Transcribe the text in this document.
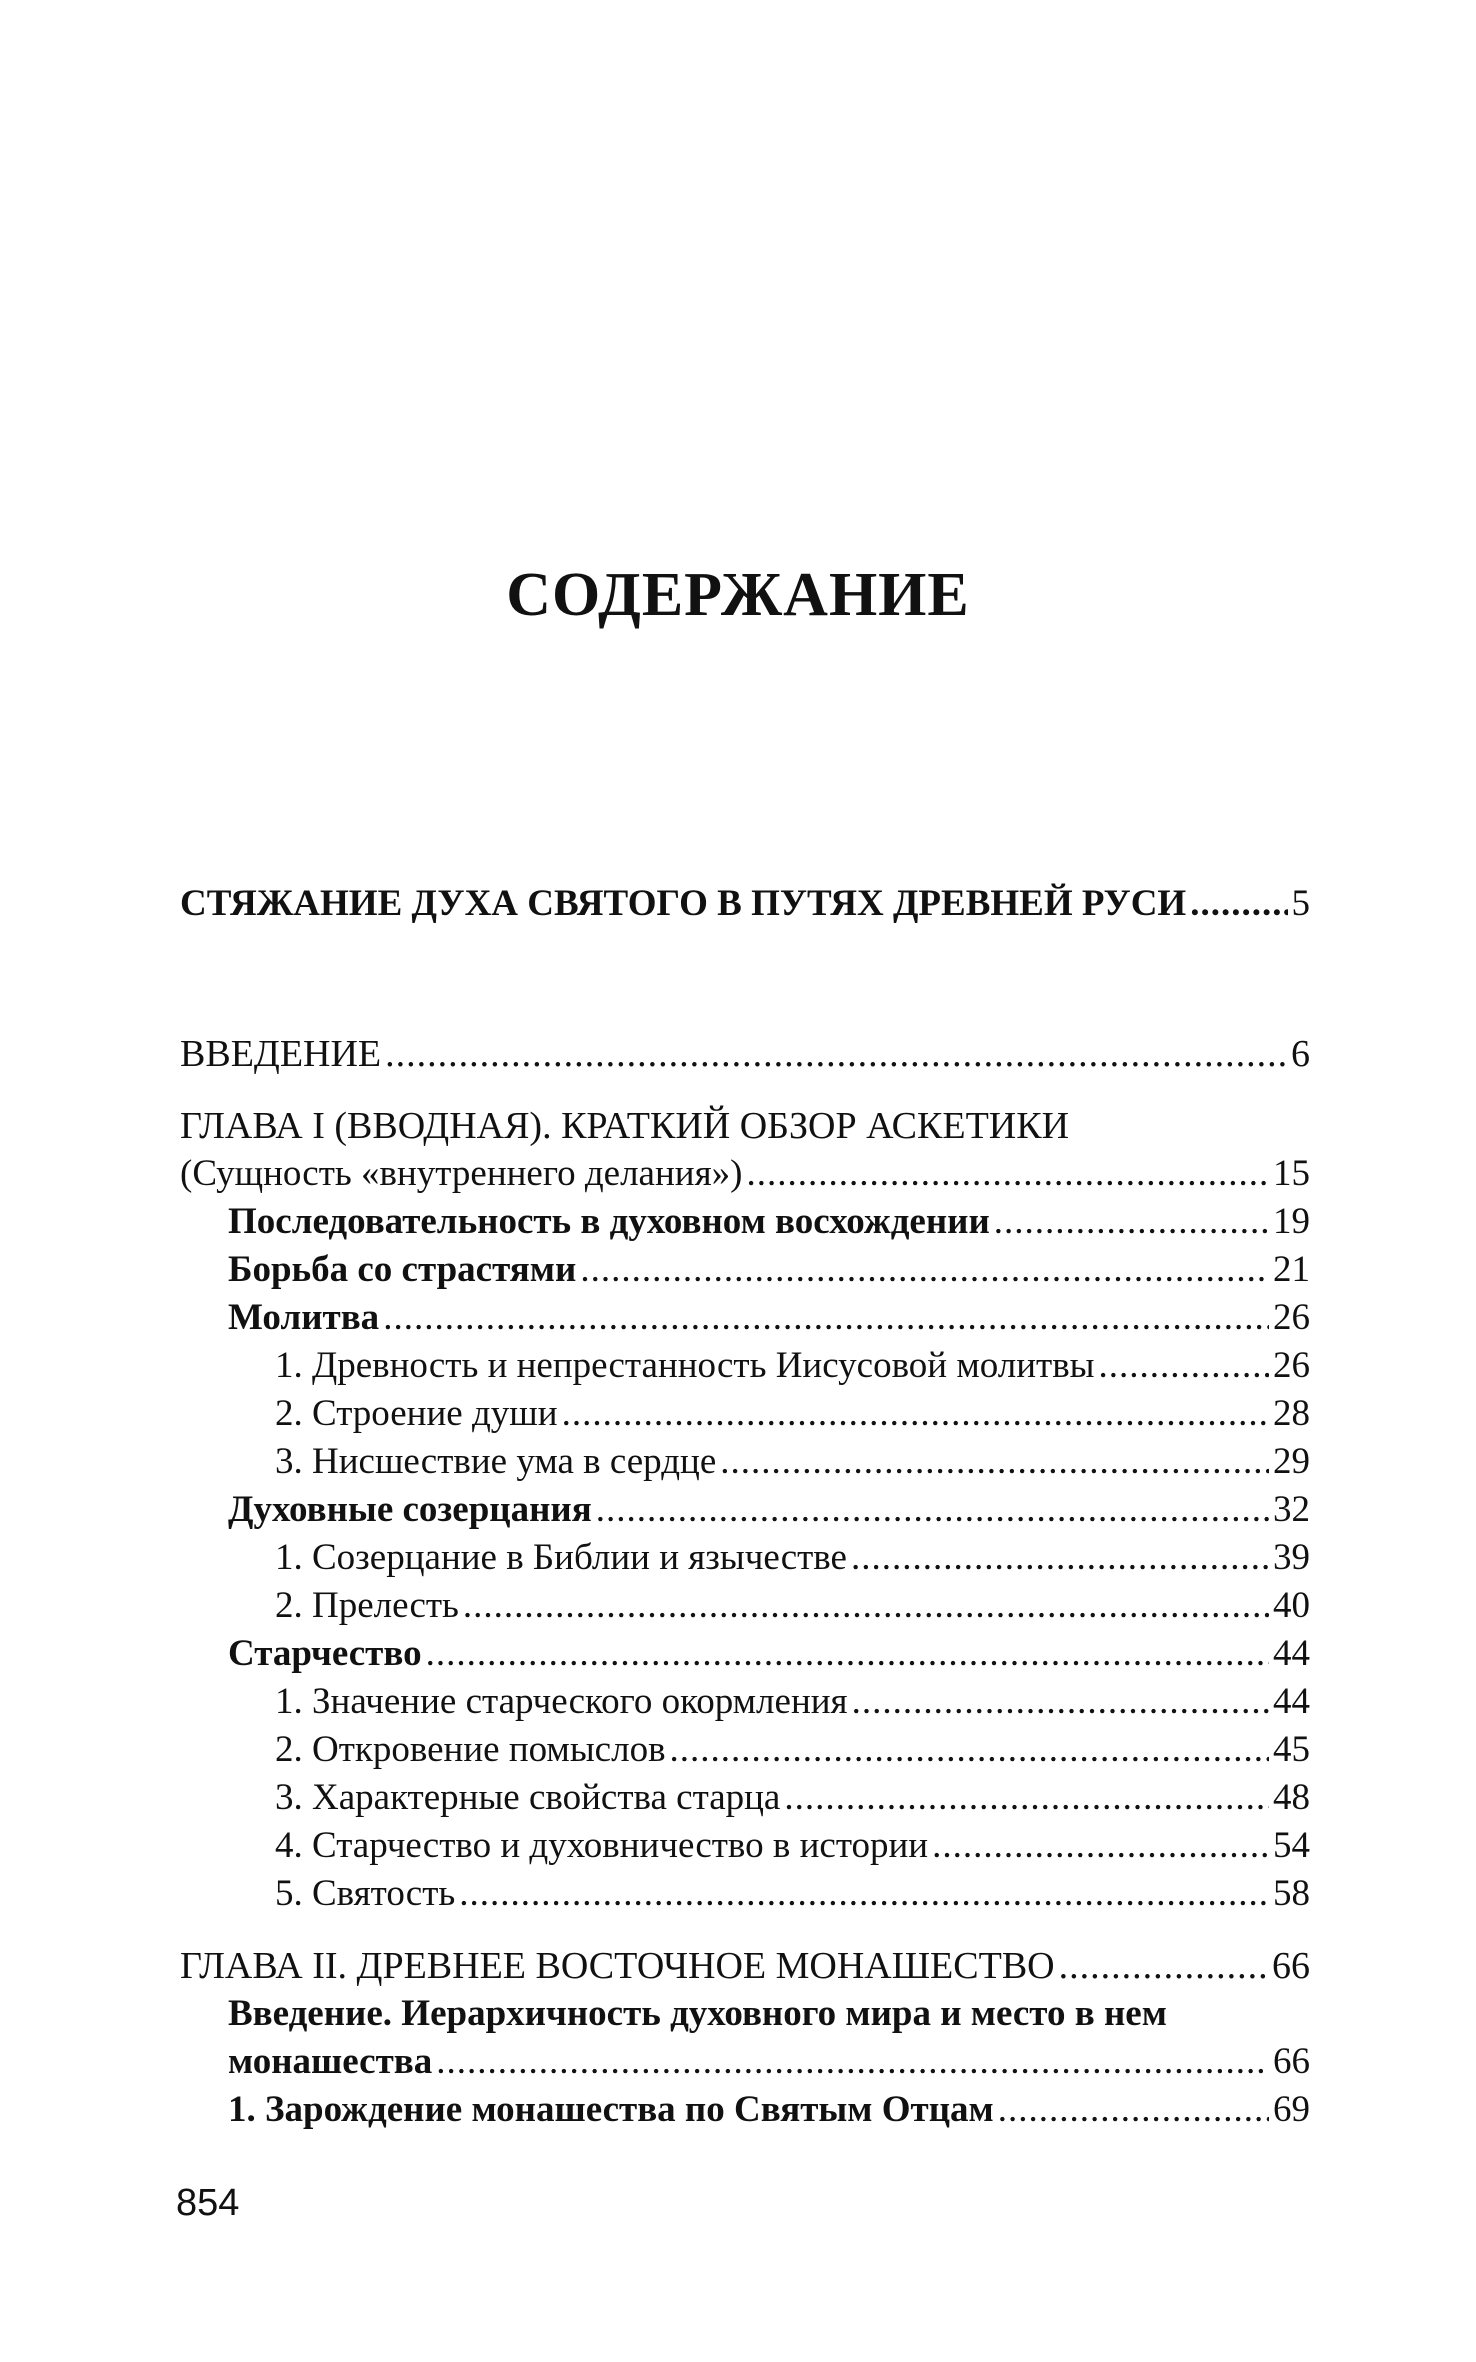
СОДЕРЖАНИЕ
СТЯЖАНИЕ ДУХА СВЯТОГО В ПУТЯХ ДРЕВНЕЙ РУСИ .....	5
ВВЕДЕНИЕ .....	6
ГЛАВА I (ВВОДНАЯ). КРАТКИЙ ОБЗОР АСКЕТИКИ
(Сущность «внутреннего делания») .....	15
Последовательность в духовном восхождении .....	19
Борьба со страстями .....	21
Молитва .....	26
1. Древность и непрестанность Иисусовой молитвы .....	26
2. Строение души .....	28
3. Нисшествие ума в сердце .....	29
Духовные созерцания .....	32
1. Созерцание в Библии и язычестве .....	39
2. Прелесть .....	40
Старчество .....	44
1. Значение старческого окормления .....	44
2. Откровение помыслов .....	45
3. Характерные свойства старца .....	48
4. Старчество и духовничество в истории .....	54
5. Святость .....	58
ГЛАВА II. ДРЕВНЕЕ ВОСТОЧНОЕ МОНАШЕСТВО .....	66
Введение. Иерархичность духовного мира и место в нем
монашества .....	66
1. Зарождение монашества по Святым Отцам .....	69
854
